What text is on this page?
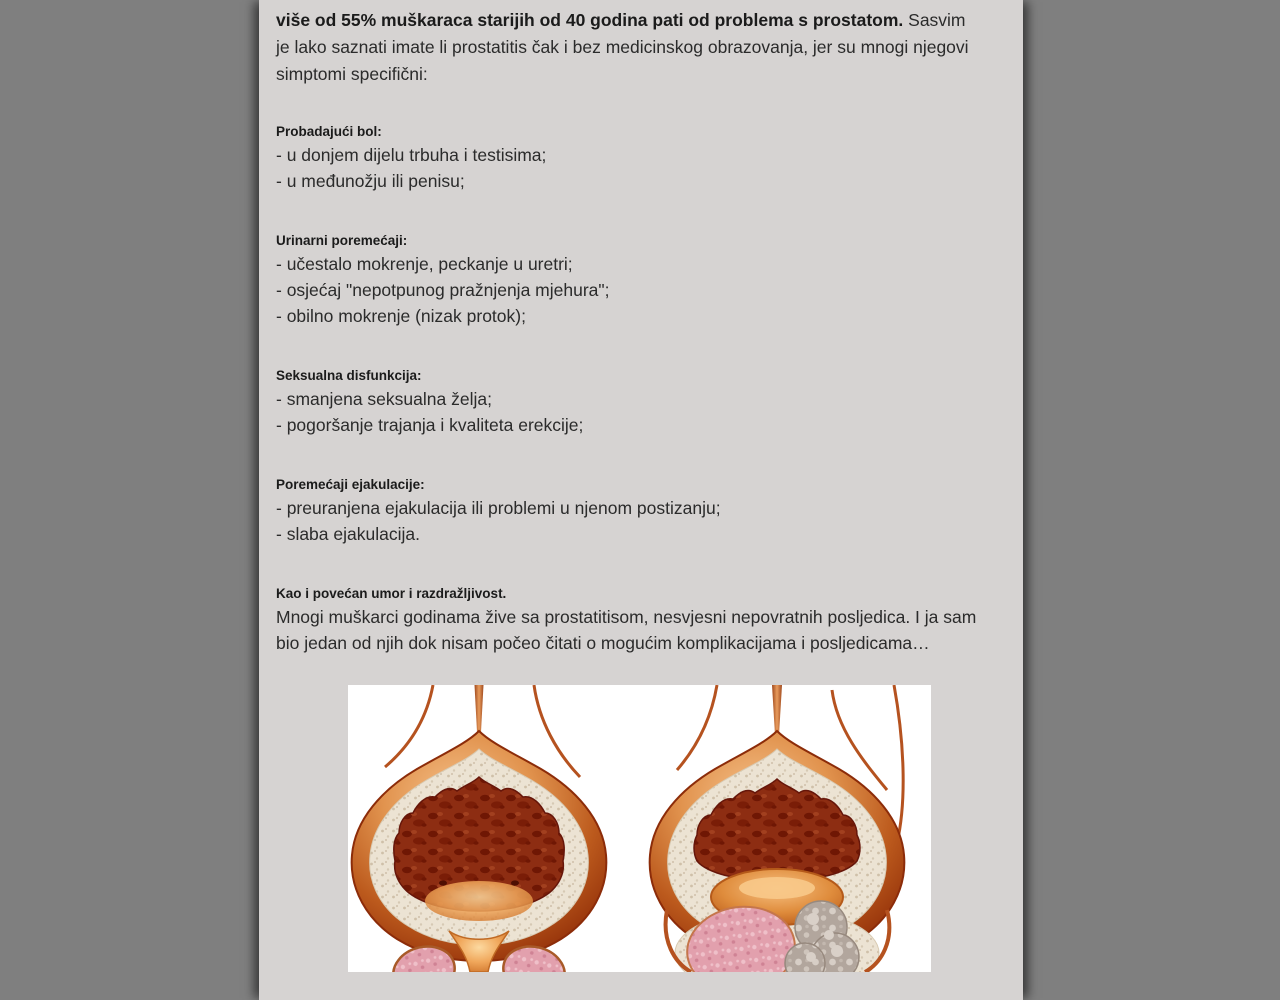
više od 55% muškaraca starijih od 40 godina pati od problema s prostatom. Sasvim je lako saznati imate li prostatitis čak i bez medicinskog obrazovanja, jer su mnogi njegovi simptomi specifični:

Probadajući bol:
- u donjem dijelu trbuha i testisima;
- u međunožju ili penisu;
Urinarni poremećaji:
- učestalo mokrenje, peckanje u uretri;
- osjećaj "nepotpunog pražnjenja mjehura";
- obilno mokrenje (nizak protok);
Seksualna disfunkcija:
- smanjena seksualna želja;
- pogoršanje trajanja i kvaliteta erekcije;
Poremećaji ejakulacije:
- preuranjena ejakulacija ili problemi u njenom postizanju;
- slaba ejakulacija.
Kao i povećan umor i razdražljivost.

Mnogi muškarci godinama žive sa prostatitisom, nesvjesni nepovratnih posljedica. I ja sam bio jedan od njih dok nisam počeo čitati o mogućim komplikacijama i posljedicama…
